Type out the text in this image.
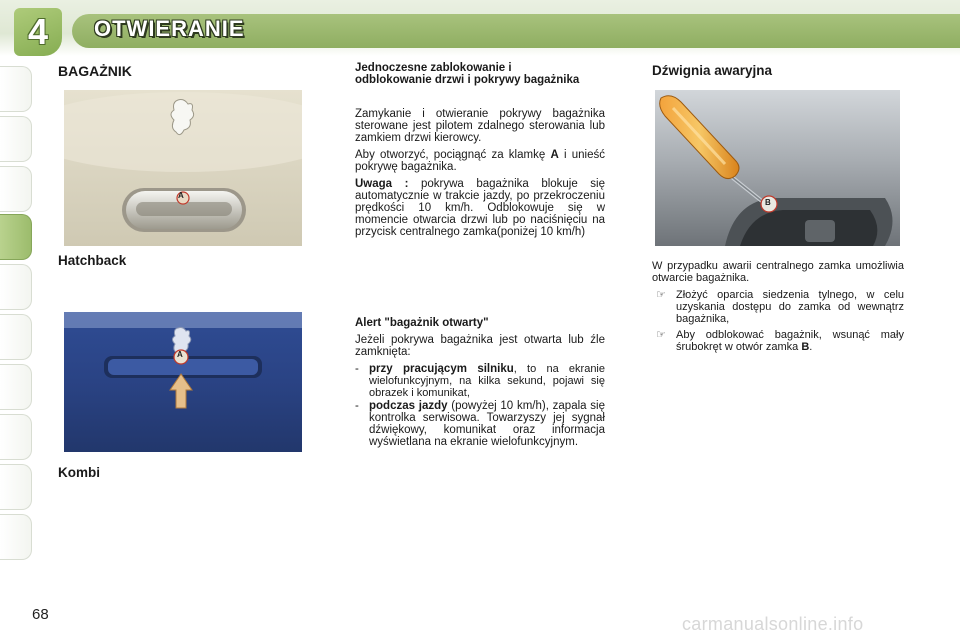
4	OTWIERANIE
BAGAŻNIK
A
Hatchback
A
Kombi
Jednoczesne zablokowanie i odblokowanie drzwi i pokrywy bagażnika

Zamykanie i otwieranie pokrywy bagażnika sterowane jest pilotem zdalnego sterowania lub zamkiem drzwi kierowcy.

Aby otworzyć, pociągnąć za klamkę A i unieść pokrywę bagażnika.

Uwaga : pokrywa bagażnika blokuje się automatycznie w trakcie jazdy, po przekroczeniu prędkości 10 km/h. Odblokowuje się w momencie otwarcia drzwi lub po naciśnięciu na przycisk centralnego zamka(poniżej 10 km/h)

Alert "bagażnik otwarty"

Jeżeli pokrywa bagażnika jest otwarta lub źle zamknięta:

- przy pracującym silniku, to na ekranie wielofunkcyjnym, na kilka sekund, pojawi się obrazek i komunikat,
- podczas jazdy (powyżej 10 km/h), zapala się kontrolka serwisowa. Towarzyszy jej sygnał dźwiękowy, komunikat oraz informacja wyświetlana na ekranie wielofunkcyjnym.
Dźwignia awaryjna
B

W przypadku awarii centralnego zamka umożliwia otwarcie bagażnika.

☞ Złożyć oparcia siedzenia tylnego, w celu uzyskania dostępu do zamka od wewnątrz bagażnika,
☞ Aby odblokować bagażnik, wsunąć mały śrubokręt w otwór zamka B.
68	carmanualsonline.info
